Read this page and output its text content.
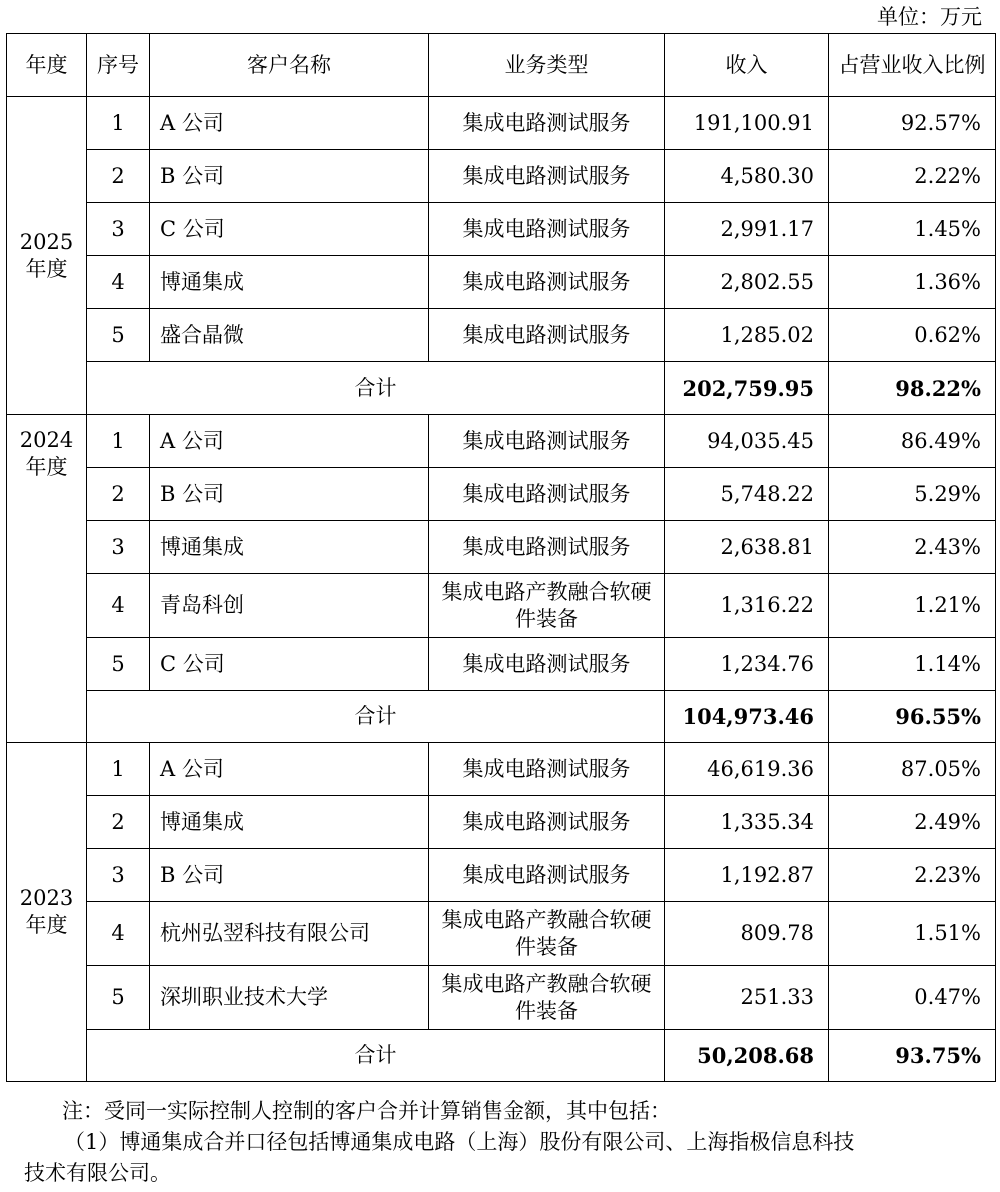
单位：万元
年度	序号	客户名称	业务类型	收入	占营业收入比例
2025年度	1	A 公司	集成电路测试服务	191,100.91	92.57%
	2	B 公司	集成电路测试服务	4,580.30	2.22%
	3	C 公司	集成电路测试服务	2,991.17	1.45%
	4	博通集成	集成电路测试服务	2,802.55	1.36%
	5	盛合晶微	集成电路测试服务	1,285.02	0.62%
	合计			202,759.95	98.22%
2024年度	1	A 公司	集成电路测试服务	94,035.45	86.49%
	2	B 公司	集成电路测试服务	5,748.22	5.29%
	3	博通集成	集成电路测试服务	2,638.81	2.43%
	4	青岛科创	集成电路产教融合软硬件装备	1,316.22	1.21%
	5	C 公司	集成电路测试服务	1,234.76	1.14%
	合计			104,973.46	96.55%
2023年度	1	A 公司	集成电路测试服务	46,619.36	87.05%
	2	博通集成	集成电路测试服务	1,335.34	2.49%
	3	B 公司	集成电路测试服务	1,192.87	2.23%
	4	杭州弘翌科技有限公司	集成电路产教融合软硬件装备	809.78	1.51%
	5	深圳职业技术大学	集成电路产教融合软硬件装备	251.33	0.47%
	合计			50,208.68	93.75%

注：受同一实际控制人控制的客户合并计算销售金额，其中包括：

（1）博通集成合并口径包括博通集成电路（上海）股份有限公司、上海指极信息科技

技术有限公司。
